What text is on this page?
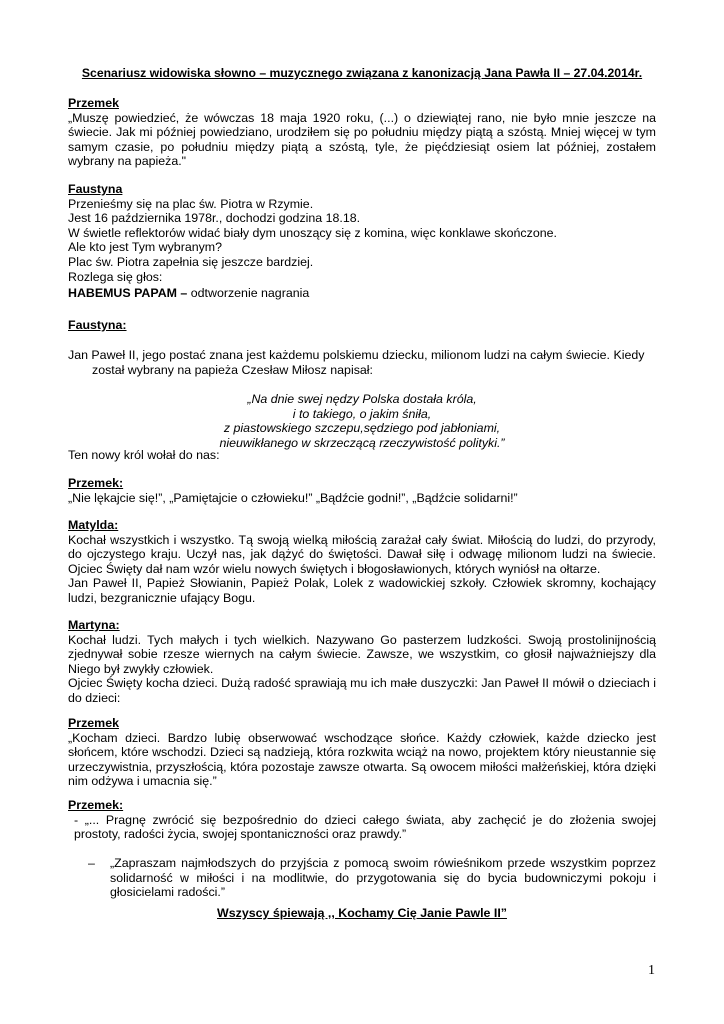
Scenariusz widowiska słowno – muzycznego związana z kanonizacją Jana Pawła II – 27.04.2014r.
Przemek
„Muszę powiedzieć, że wówczas 18 maja 1920 roku, (...) o dziewiątej rano, nie było mnie jeszcze na świecie. Jak mi później powiedziano, urodziłem się po południu między piątą a szóstą. Mniej więcej w tym samym czasie, po południu między piątą a szóstą, tyle, że pięćdziesiąt osiem lat później, zostałem wybrany na papieża."
Faustyna
Przenieśmy się na plac św. Piotra w Rzymie.
Jest 16 października 1978r., dochodzi godzina 18.18.
W świetle reflektorów widać biały dym unoszący się z komina, więc konklawe skończone.
Ale kto jest Tym wybranym?
Plac św. Piotra zapełnia się jeszcze bardziej.
Rozlega się głos:
HABEMUS PAPAM – odtworzenie nagrania
Faustyna:
Jan Paweł II, jego postać znana jest każdemu polskiemu dziecku, milionom ludzi na całym świecie. Kiedy został wybrany na papieża Czesław Miłosz napisał:
„Na dnie swej nędzy Polska dostała króla,
i to takiego, o jakim śniła,
z piastowskiego szczepu,sędziego pod jabłoniami,
nieuwikłanego w skrzeczącą rzeczywistość polityki.”
Ten nowy król wołał do nas:
Przemek:
„Nie lękajcie się!”, „Pamiętajcie o człowieku!” „Bądźcie godni!”, „Bądźcie solidarni!”
Matylda:
Kochał wszystkich i wszystko. Tą swoją wielką miłością zarażał cały świat. Miłością do ludzi, do przyrody, do ojczystego kraju. Uczył nas, jak dążyć do świętości. Dawał siłę i odwagę milionom ludzi na świecie. Ojciec Święty dał nam wzór wielu nowych świętych i błogosławionych, których wyniósł na ołtarze.
Jan Paweł II, Papież Słowianin, Papież Polak, Lolek z wadowickiej szkoły. Człowiek skromny, kochający ludzi, bezgranicznie ufający Bogu.
Martyna:
Kochał ludzi. Tych małych i tych wielkich. Nazywano Go pasterzem ludzkości. Swoją prostolinijnością zjednywał sobie rzesze wiernych na całym świecie. Zawsze, we wszystkim, co głosił najważniejszy dla Niego był zwykły człowiek.
Ojciec Święty kocha dzieci. Dużą radość sprawiają mu ich małe duszyczki: Jan Paweł II mówił o dzieciach i do dzieci:
Przemek
„Kocham dzieci. Bardzo lubię obserwować wschodzące słońce. Każdy człowiek, każde dziecko jest słońcem, które wschodzi. Dzieci są nadzieją, która rozkwita wciąż na nowo, projektem który nieustannie się urzeczywistnia, przyszłością, która pozostaje zawsze otwarta. Są owocem miłości małżeńskiej, która dzięki nim odżywa i umacnia się.”
Przemek:
- „... Pragnę zwrócić się bezpośrednio do dzieci całego świata, aby zachęcić je do złożenia swojej prostoty, radości życia, swojej spontaniczności oraz prawdy.”
– „Zapraszam najmłodszych do przyjścia z pomocą swoim rówieśnikom przede wszystkim poprzez solidarność w miłości i na modlitwie, do przygotowania się do bycia budowniczymi pokoju i głosicielami radości.”
Wszyscy śpiewają ,, Kochamy Cię Janie Pawle II”
1
